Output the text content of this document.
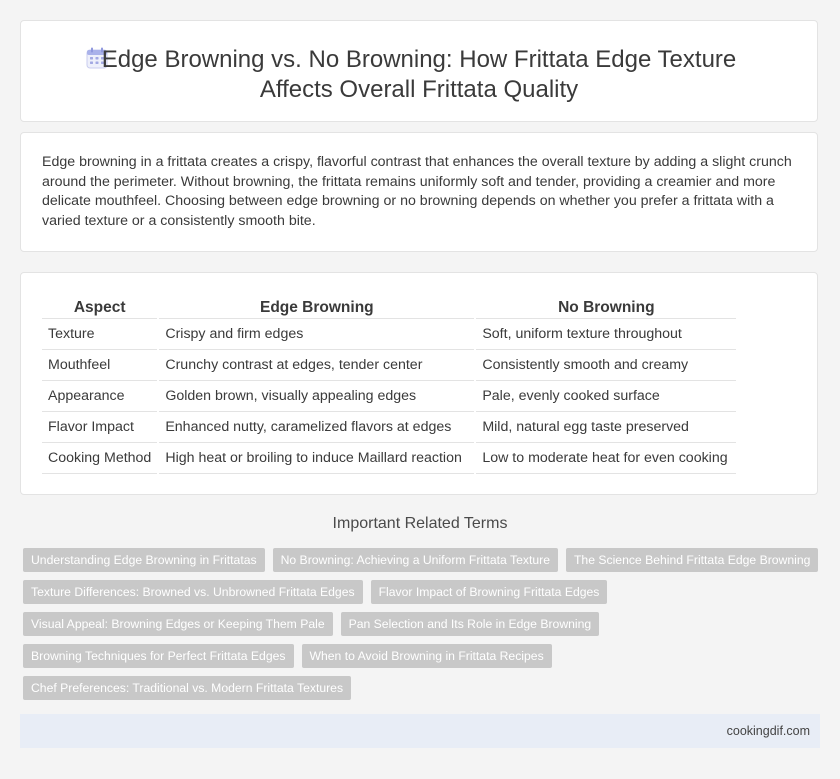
Edge Browning vs. No Browning: How Frittata Edge Texture
Affects Overall Frittata Quality
Edge browning in a frittata creates a crispy, flavorful contrast that enhances the overall texture by adding a slight crunch around the perimeter. Without browning, the frittata remains uniformly soft and tender, providing a creamier and more delicate mouthfeel. Choosing between edge browning or no browning depends on whether you prefer a frittata with a varied texture or a consistently smooth bite.
Aspect	Edge Browning	No Browning
Texture	Crispy and firm edges	Soft, uniform texture throughout
Mouthfeel	Crunchy contrast at edges, tender center	Consistently smooth and creamy
Appearance	Golden brown, visually appealing edges	Pale, evenly cooked surface
Flavor Impact	Enhanced nutty, caramelized flavors at edges	Mild, natural egg taste preserved
Cooking Method	High heat or broiling to induce Maillard reaction	Low to moderate heat for even cooking
Important Related Terms
Understanding Edge Browning in Frittatas	No Browning: Achieving a Uniform Frittata Texture	The Science Behind Frittata Edge Browning
Texture Differences: Browned vs. Unbrowned Frittata Edges	Flavor Impact of Browning Frittata Edges
Visual Appeal: Browning Edges or Keeping Them Pale	Pan Selection and Its Role in Edge Browning
Browning Techniques for Perfect Frittata Edges	When to Avoid Browning in Frittata Recipes
Chef Preferences: Traditional vs. Modern Frittata Textures
cookingdif.com
